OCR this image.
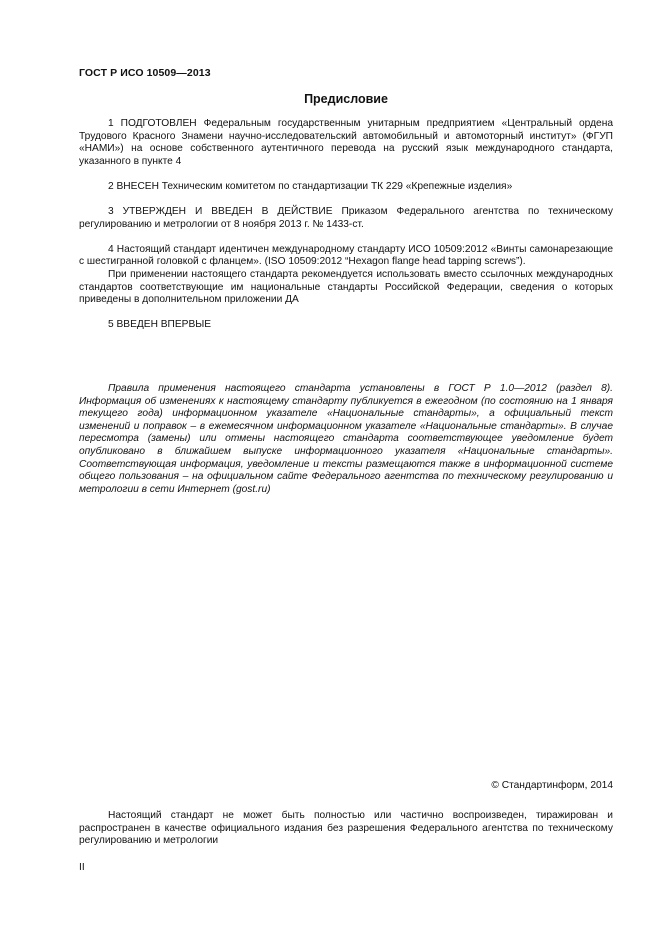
ГОСТ Р ИСО 10509—2013
Предисловие

1 ПОДГОТОВЛЕН Федеральным государственным унитарным предприятием «Центральный ордена Трудового Красного Знамени научно-исследовательский автомобильный и автомоторный институт» (ФГУП «НАМИ») на основе собственного аутентичного перевода на русский язык международного стандарта, указанного в пункте 4

2 ВНЕСЕН Техническим комитетом по стандартизации ТК 229 «Крепежные изделия»

3 УТВЕРЖДЕН И ВВЕДЕН В ДЕЙСТВИЕ Приказом Федерального агентства по техническому регулированию и метрологии от 8 ноября 2013 г. № 1433-ст.

4 Настоящий стандарт идентичен международному стандарту ИСО 10509:2012 «Винты самонарезающие с шестигранной головкой с фланцем». (ISO 10509:2012 “Hexagon flange head tapping screws”).

При применении настоящего стандарта рекомендуется использовать вместо ссылочных международных стандартов соответствующие им национальные стандарты Российской Федерации, сведения о которых приведены в дополнительном приложении ДА

5 ВВЕДЕН ВПЕРВЫЕ

Правила применения настоящего стандарта установлены в ГОСТ Р 1.0—2012 (раздел 8). Информация об изменениях к настоящему стандарту публикуется в ежегодном (по состоянию на 1 января текущего года) информационном указателе «Национальные стандарты», а официальный текст изменений и поправок – в ежемесячном информационном указателе «Национальные стандарты». В случае пересмотра (замены) или отмены настоящего стандарта соответствующее уведомление будет опубликовано в ближайшем выпуске информационного указателя «Национальные стандарты». Соответствующая информация, уведомление и тексты размещаются также в информационной системе общего пользования – на официальном сайте Федерального агентства по техническому регулированию и метрологии в сети Интернет (gost.ru)

© Стандартинформ, 2014

Настоящий стандарт не может быть полностью или частично воспроизведен, тиражирован и распространен в качестве официального издания без разрешения Федерального агентства по техническому регулированию и метрологии

II
